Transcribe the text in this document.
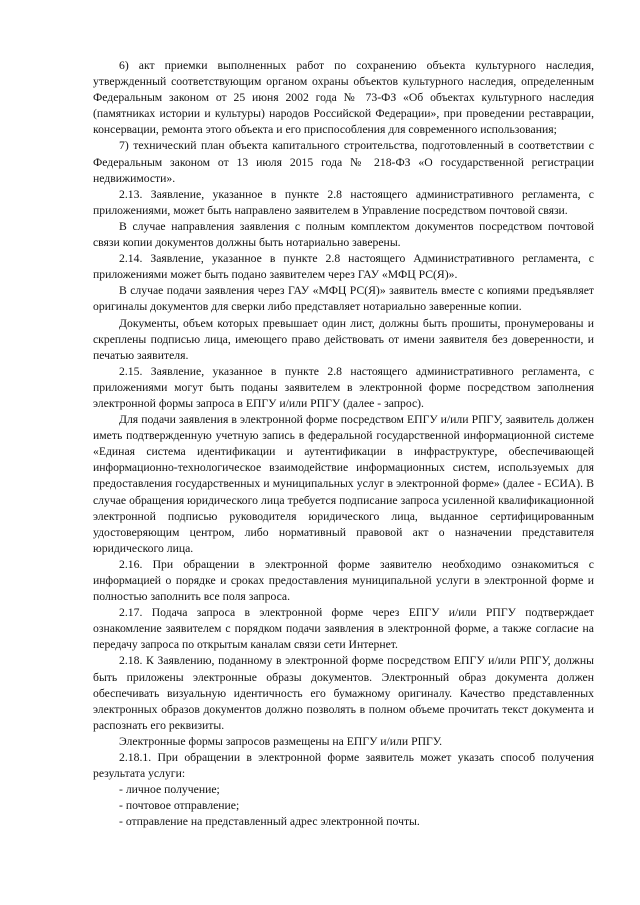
6) акт приемки выполненных работ по сохранению объекта культурного наследия, утвержденный соответствующим органом охраны объектов культурного наследия, определенным Федеральным законом от 25 июня 2002 года № 73-ФЗ «Об объектах культурного наследия (памятниках истории и культуры) народов Российской Федерации», при проведении реставрации, консервации, ремонта этого объекта и его приспособления для современного использования;

7) технический план объекта капитального строительства, подготовленный в соответствии с Федеральным законом от 13 июля 2015 года № 218-ФЗ «О государственной регистрации недвижимости».

2.13. Заявление, указанное в пункте 2.8 настоящего административного регламента, с приложениями, может быть направлено заявителем в Управление посредством почтовой связи.

В случае направления заявления с полным комплектом документов посредством почтовой связи копии документов должны быть нотариально заверены.

2.14. Заявление, указанное в пункте 2.8 настоящего Административного регламента, с приложениями может быть подано заявителем через ГАУ «МФЦ РС(Я)».

В случае подачи заявления через ГАУ «МФЦ РС(Я)» заявитель вместе с копиями предъявляет оригиналы документов для сверки либо представляет нотариально заверенные копии.

Документы, объем которых превышает один лист, должны быть прошиты, пронумерованы и скреплены подписью лица, имеющего право действовать от имени заявителя без доверенности, и печатью заявителя.

2.15. Заявление, указанное в пункте 2.8 настоящего административного регламента, с приложениями могут быть поданы заявителем в электронной форме посредством заполнения электронной формы запроса в ЕПГУ и/или РПГУ (далее - запрос).

Для подачи заявления в электронной форме посредством ЕПГУ и/или РПГУ, заявитель должен иметь подтвержденную учетную запись в федеральной государственной информационной системе «Единая система идентификации и аутентификации в инфраструктуре, обеспечивающей информационно-технологическое взаимодействие информационных систем, используемых для предоставления государственных и муниципальных услуг в электронной форме» (далее - ЕСИА). В случае обращения юридического лица требуется подписание запроса усиленной квалификационной электронной подписью руководителя юридического лица, выданное сертифицированным удостоверяющим центром, либо нормативный правовой акт о назначении представителя юридического лица.

2.16. При обращении в электронной форме заявителю необходимо ознакомиться с информацией о порядке и сроках предоставления муниципальной услуги в электронной форме и полностью заполнить все поля запроса.

2.17. Подача запроса в электронной форме через ЕПГУ и/или РПГУ подтверждает ознакомление заявителем с порядком подачи заявления в электронной форме, а также согласие на передачу запроса по открытым каналам связи сети Интернет.

2.18. К Заявлению, поданному в электронной форме посредством ЕПГУ и/или РПГУ, должны быть приложены электронные образы документов. Электронный образ документа должен обеспечивать визуальную идентичность его бумажному оригиналу. Качество представленных электронных образов документов должно позволять в полном объеме прочитать текст документа и распознать его реквизиты.

Электронные формы запросов размещены на ЕПГУ и/или РПГУ.

2.18.1. При обращении в электронной форме заявитель может указать способ получения результата услуги:

- личное получение;

- почтовое отправление;

- отправление на представленный адрес электронной почты.
